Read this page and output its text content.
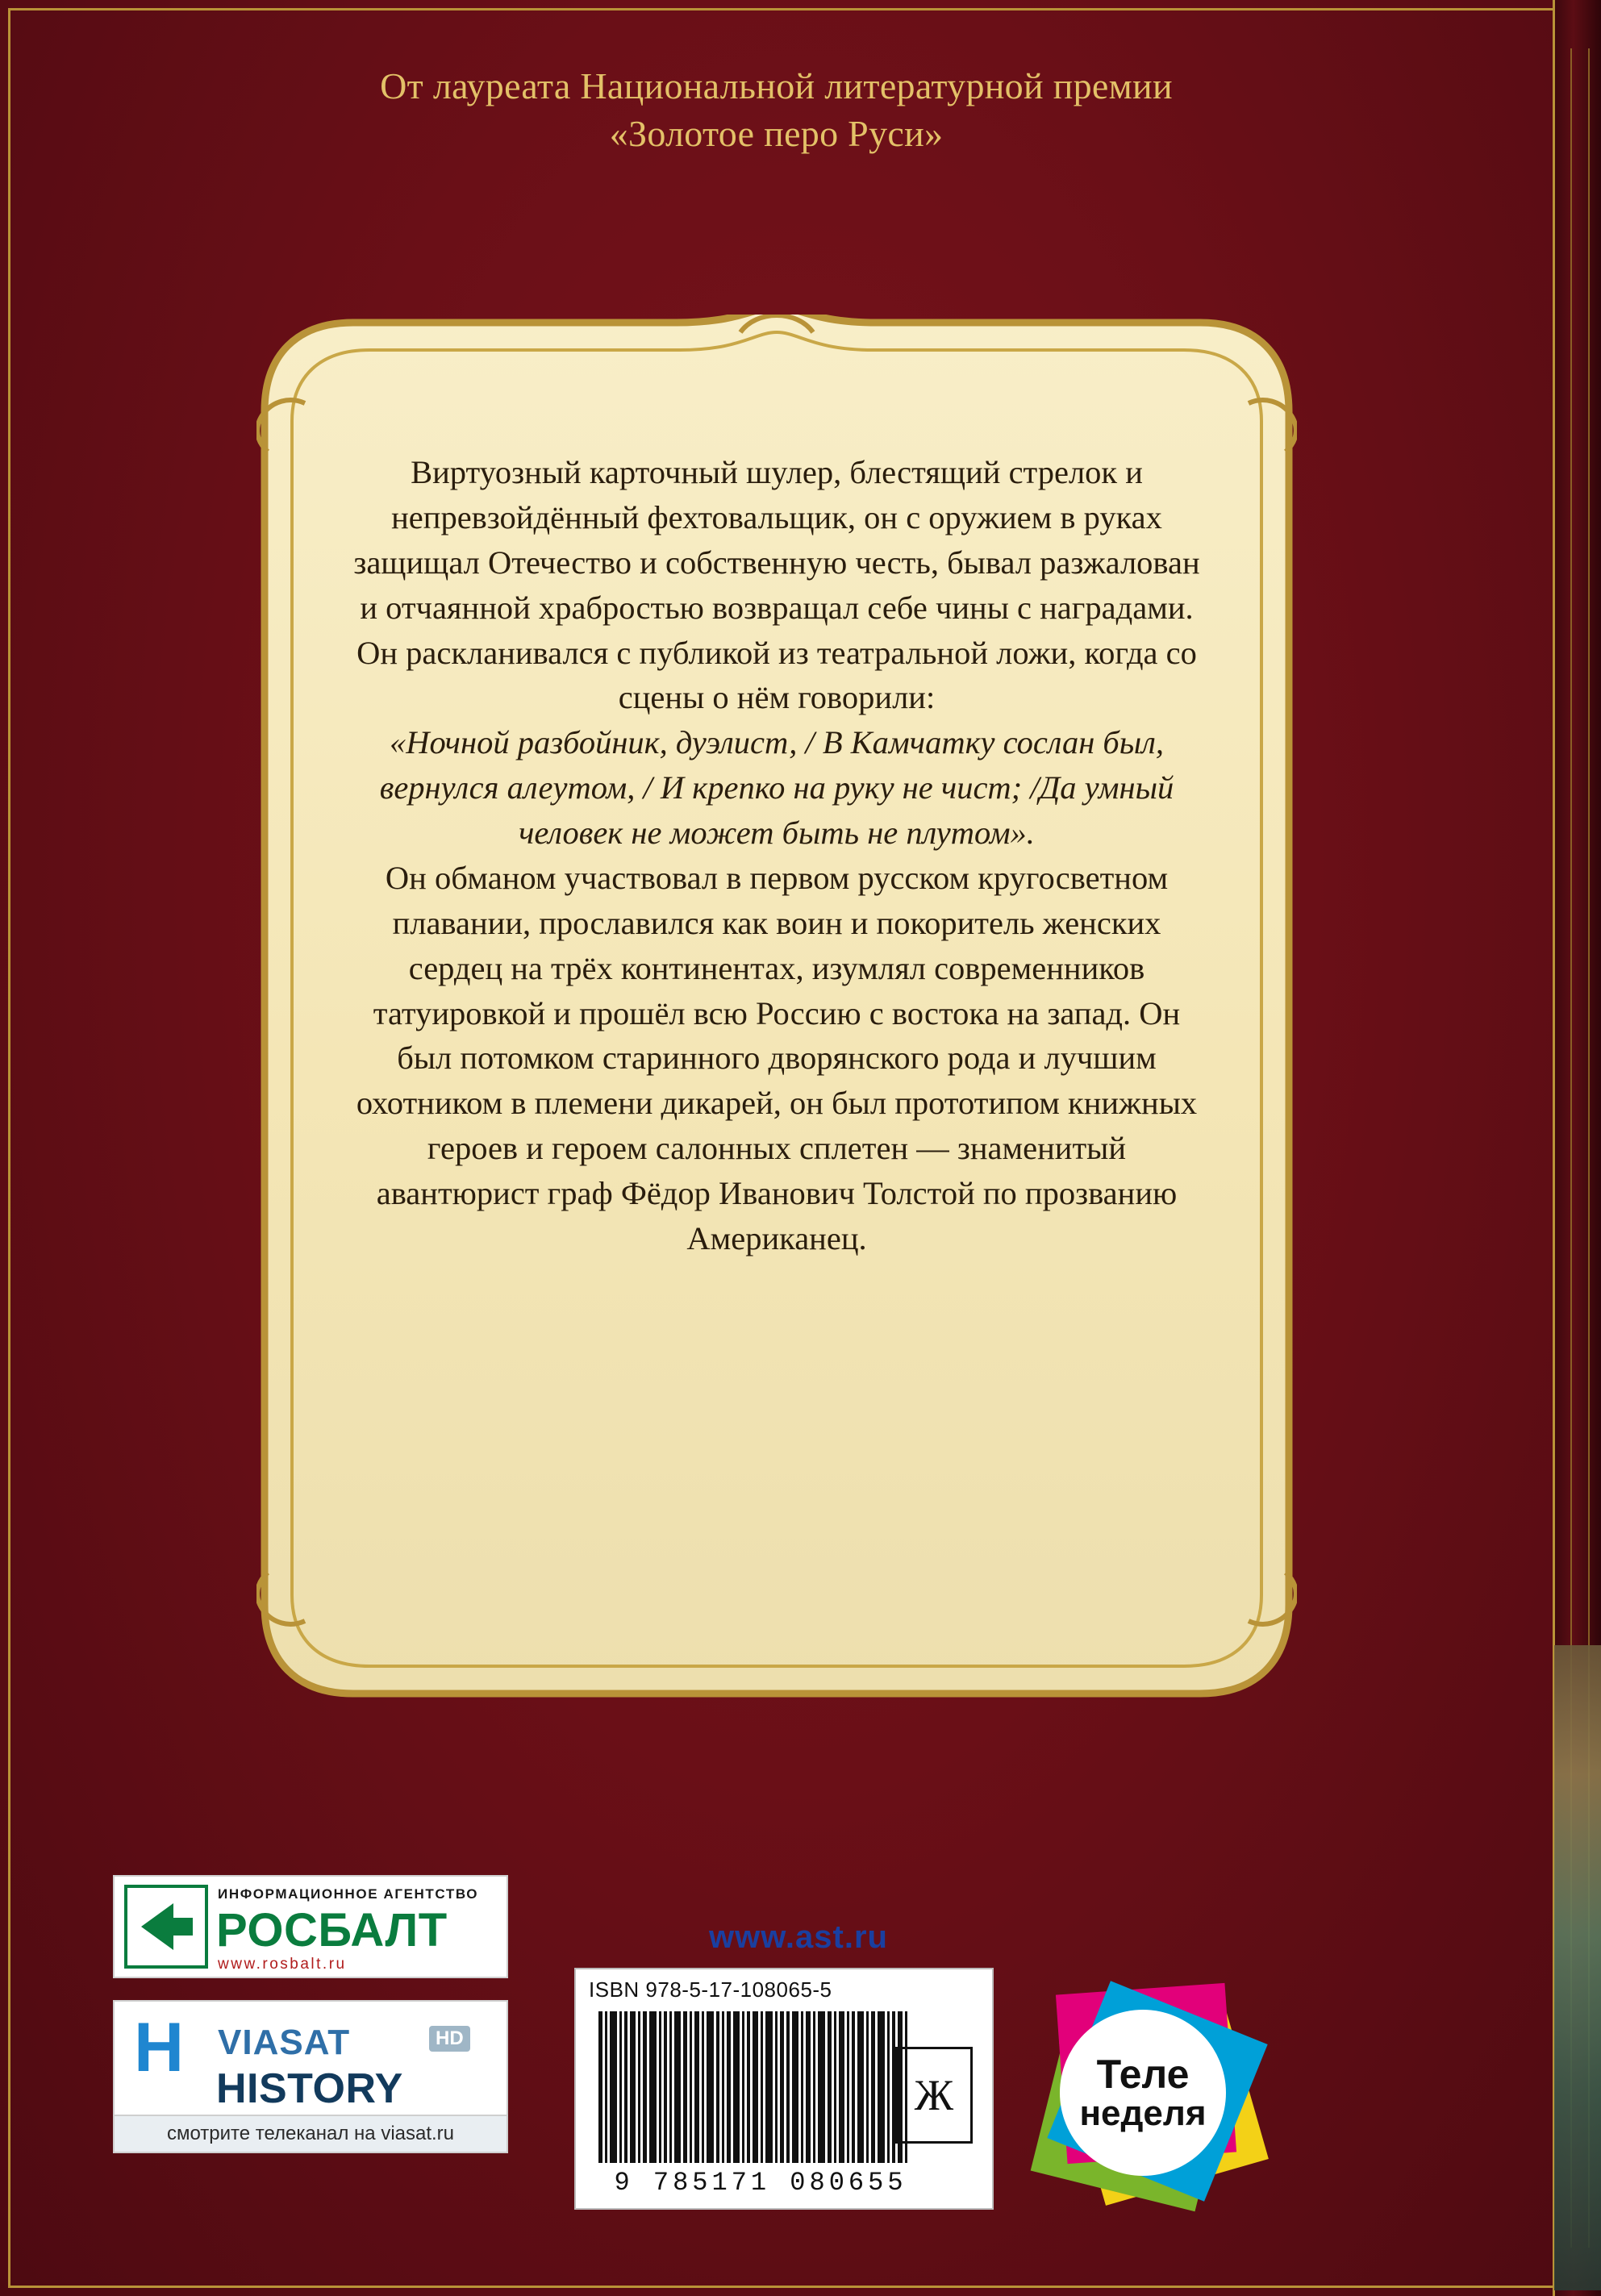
От лауреата Национальной литературной премии
«Золотое перо Руси»

Виртуозный карточный шулер, блестящий стрелок и непревзойдённый фехтовальщик, он с оружием в руках защищал Отечество и собственную честь, бывал разжалован и отчаянной храбростью возвращал себе чины с наградами. Он раскланивался с публикой из театральной ложи, когда со сцены о нём говорили:

«Ночной разбойник, дуэлист, / В Камчатку сослан был, вернулся алеутом, / И крепко на руку не чист; /Да умный человек не может быть не плутом».

Он обманом участвовал в первом русском кругосветном плавании, прославился как воин и покоритель женских сердец на трёх континентах, изумлял современников татуировкой и прошёл всю Россию с востока на запад. Он был потомком старинного дворянского рода и лучшим охотником в племени дикарей, он был прототипом книжных героев и героем салонных сплетен — знаменитый авантюрист граф Фёдор Иванович Толстой по прозванию Американец.

ИНФОРМАЦИОННОЕ АГЕНТСТВО
РОСБАЛТ
www.rosbalt.ru
H VIASAT	HD
HISTORY
смотрите телеканал на viasat.ru
www.ast.ru
ISBN 978-5-17-108065-5
9 785171 080655
Ж	Теле
неделя
